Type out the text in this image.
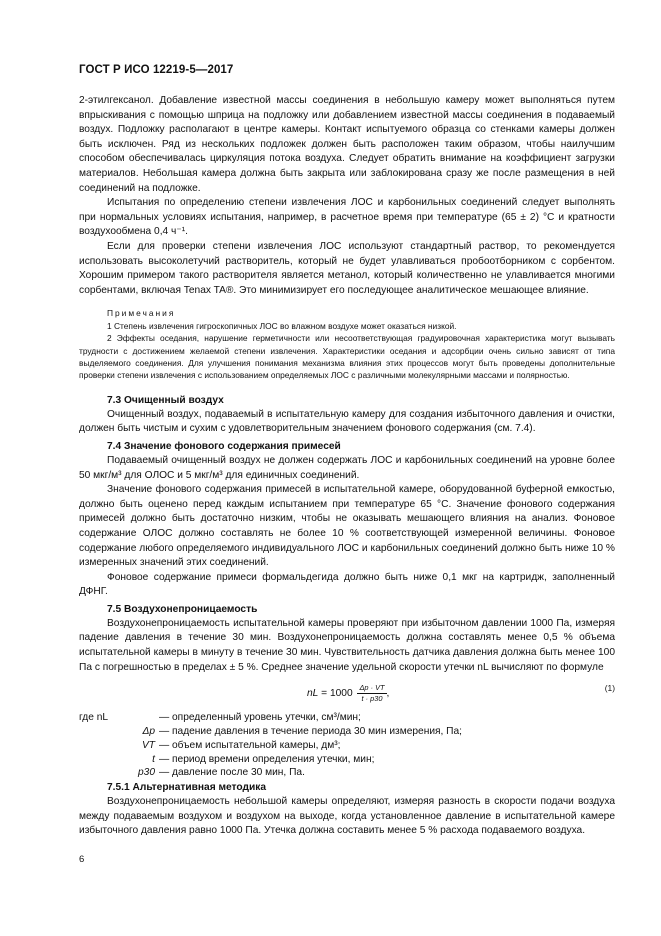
ГОСТ Р ИСО 12219-5—2017

2-этилгексанол. Добавление известной массы соединения в небольшую камеру может выполняться путем впрыскивания с помощью шприца на подложку или добавлением известной массы соединения в подаваемый воздух. Подложку располагают в центре камеры. Контакт испытуемого образца со стенками камеры должен быть исключен. Ряд из нескольких подложек должен быть расположен таким образом, чтобы наилучшим способом обеспечивалась циркуляция потока воздуха. Следует обратить внимание на коэффициент загрузки материалов. Небольшая камера должна быть закрыта или заблокирована сразу же после размещения в ней соединений на подложке.

Испытания по определению степени извлечения ЛОС и карбонильных соединений следует выполнять при нормальных условиях испытания, например, в расчетное время при температуре (65 ± 2) °С и кратности воздухообмена 0,4 ч⁻¹.

Если для проверки степени извлечения ЛОС используют стандартный раствор, то рекомендуется использовать высоколетучий растворитель, который не будет улавливаться пробоотборником с сорбентом. Хорошим примером такого растворителя является метанол, который количественно не улавливается многими сорбентами, включая Tenax TA®. Это минимизирует его последующее аналитическое мешающее влияние.

Примечания
1 Степень извлечения гигроскопичных ЛОС во влажном воздухе может оказаться низкой.
2 Эффекты оседания, нарушение герметичности или несоответствующая градуировочная характеристика могут вызывать трудности с достижением желаемой степени извлечения. Характеристики оседания и адсорбции очень сильно зависят от типа выделяемого соединения. Для улучшения понимания механизма влияния этих процессов могут быть проведены дополнительные проверки степени извлечения с использованием определяемых ЛОС с различными молекулярными массами и полярностью.
7.3 Очищенный воздух

Очищенный воздух, подаваемый в испытательную камеру для создания избыточного давления и очистки, должен быть чистым и сухим с удовлетворительным значением фонового содержания (см. 7.4).

7.4 Значение фонового содержания примесей

Подаваемый очищенный воздух не должен содержать ЛОС и карбонильных соединений на уровне более 50 мкг/м³ для ОЛОС и 5 мкг/м³ для единичных соединений.

Значение фонового содержания примесей в испытательной камере, оборудованной буферной емкостью, должно быть оценено перед каждым испытанием при температуре 65 °С. Значение фонового содержания примесей должно быть достаточно низким, чтобы не оказывать мешающего влияния на анализ. Фоновое содержание ОЛОС должно составлять не более 10 % соответствующей измеренной величины. Фоновое содержание любого определяемого индивидуального ЛОС и карбонильных соединений должно быть ниже 10 % измеренных значений этих соединений.

Фоновое содержание примеси формальдегида должно быть ниже 0,1 мкг на картридж, заполненный ДФНГ.

7.5 Воздухонепроницаемость

Воздухонепроницаемость испытательной камеры проверяют при избыточном давлении 1000 Па, измеряя падение давления в течение 30 мин. Воздухонепроницаемость должна составлять менее 0,5 % объема испытательной камеры в минуту в течение 30 мин. Чувствительность датчика давления должна быть менее 100 Па с погрешностью в пределах ± 5 %. Среднее значение удельной скорости утечки nL вычисляют по формуле

nL = $1000 \frac{\Delta p \cdot VT}{t \cdot p30}$ ,
(1)
где nL	— определенный уровень утечки, см³/мин;
Δp — падение давления в течение периода 30 мин измерения, Па;
VT — объем испытательной камеры, дм³;
t — период времени определения утечки, мин;
p30 — давление после 30 мин, Па.
7.5.1 Альтернативная методика

Воздухонепроницаемость небольшой камеры определяют, измеряя разность в скорости подачи воздуха между подаваемым воздухом и воздухом на выходе, когда установленное давление в испытательной камере избыточного давления равно 1000 Па. Утечка должна составить менее 5 % расхода подаваемого воздуха.

6
